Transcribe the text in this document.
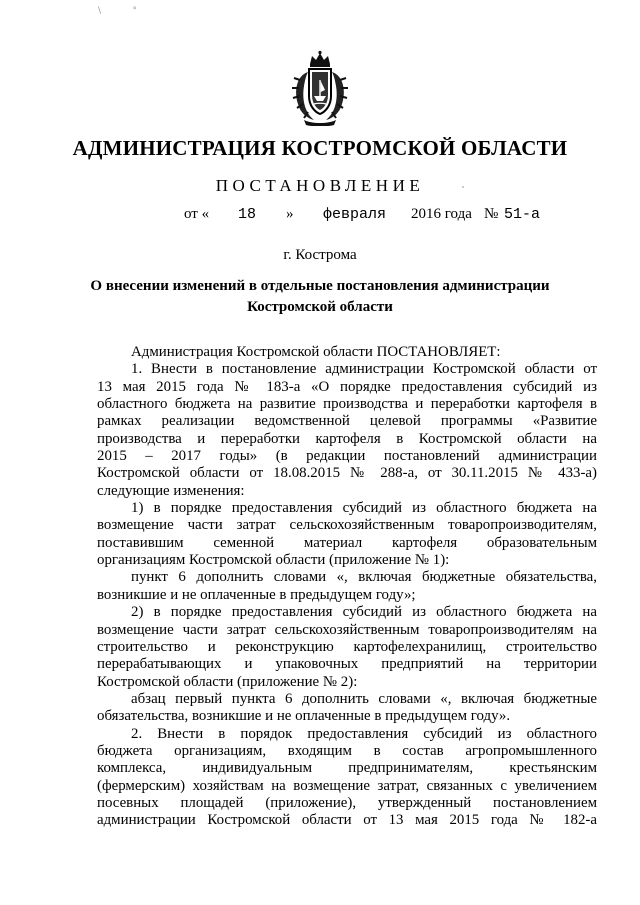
\           °
АДМИНИСТРАЦИЯ КОСТРОМСКОЙ ОБЛАСТИ
ПОСТАНОВЛЕНИЕ
от « 18 » февраля 2016 года № 51-а
г. Кострома
О внесении изменений в отдельные постановления администрации
Костромской области
Администрация Костромской области ПОСТАНОВЛЯЕТ:
1. Внести в постановление администрации Костромской области от
13 мая 2015 года № 183-а «О порядке предоставления субсидий из
областного бюджета на развитие производства и переработки картофеля в
рамках реализации ведомственной целевой программы «Развитие
производства и переработки картофеля в Костромской области на
2015 – 2017 годы» (в редакции постановлений администрации
Костромской области от 18.08.2015 № 288-а, от 30.11.2015 № 433-а)
следующие изменения:
1) в порядке предоставления субсидий из областного бюджета на
возмещение части затрат сельскохозяйственным товаропроизводителям,
поставившим семенной материал картофеля образовательным
организациям Костромской области (приложение № 1):
пункт 6 дополнить словами «, включая бюджетные обязательства,
возникшие и не оплаченные в предыдущем году»;
2) в порядке предоставления субсидий из областного бюджета на
возмещение части затрат сельскохозяйственным товаропроизводителям на
строительство и реконструкцию картофелехранилищ, строительство
перерабатывающих и упаковочных предприятий на территории
Костромской области (приложение № 2):
абзац первый пункта 6 дополнить словами «, включая бюджетные
обязательства, возникшие и не оплаченные в предыдущем году».
2. Внести в порядок предоставления субсидий из областного
бюджета организациям, входящим в состав агропромышленного
комплекса, индивидуальным предпринимателям, крестьянским
(фермерским) хозяйствам на возмещение затрат, связанных с увеличением
посевных площадей (приложение), утвержденный постановлением
администрации Костромской области от 13 мая 2015 года № 182-а
